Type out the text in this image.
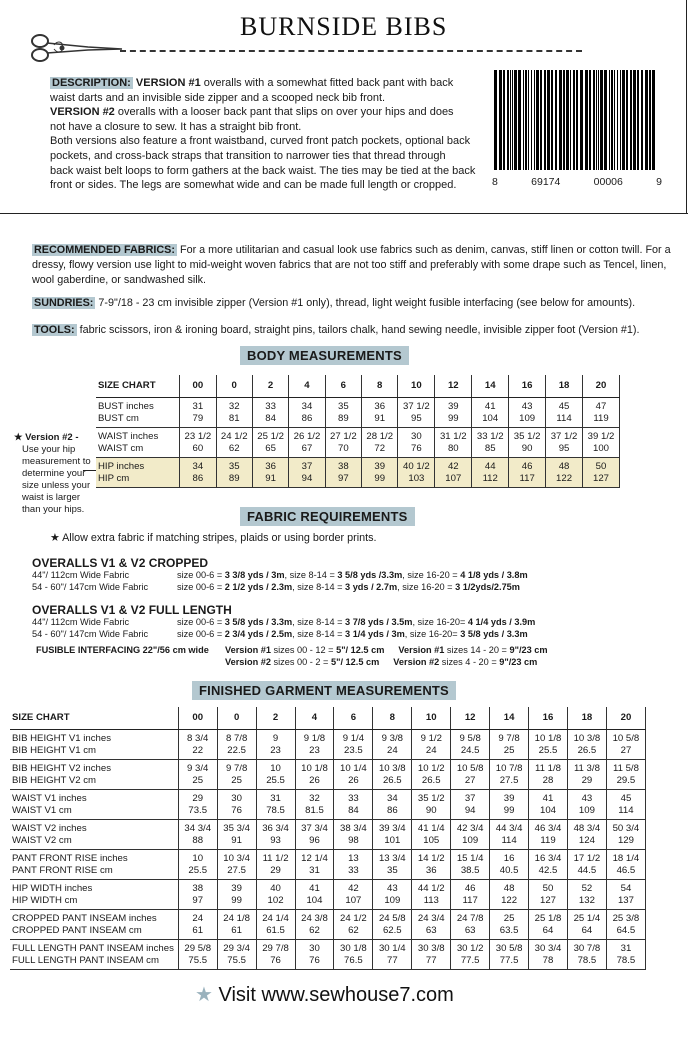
BURNSIDE BIBS
DESCRIPTION: VERSION #1 overalls with a somewhat fitted back pant with back
waist darts and an invisible side zipper and a scooped neck bib front.
VERSION #2 overalls with a looser back pant that slips on over your hips and does
not have a closure to sew. It has a straight bib front.
Both versions also feature a front waistband, curved front patch pockets, optional back
pockets, and cross-back straps that transition to narrower ties that thread through
back waist belt loops to form gathers at the back waist. The ties may be tied at the back
front or sides. The legs are somewhat wide and can be made full length or cropped.	8	69174	00006	9
RECOMMENDED FABRICS: For a more utilitarian and casual look use fabrics such as denim, canvas, stiff linen or cotton twill. For a dressy, flowy version use light to mid-weight woven fabrics that are not too stiff and preferably with some drape such as Tencel, linen, wool gaberdine, or sandwashed silk.
SUNDRIES: 7-9"/18 - 23 cm invisible zipper (Version #1 only), thread, light weight fusible interfacing (see below for amounts).
TOOLS: fabric scissors, iron & ironing board, straight pins, tailors chalk, hand sewing needle, invisible zipper foot (Version #1).
BODY MEASUREMENTS
SIZE CHART	00	0	2	4	6	8	10	12	14	16	18	20
BUST inches	31	32	33	34	35	36	37 1/2	39	41	43	45	47
BUST cm	79	81	84	86	89	91	95	99	104	109	114	119
WAIST inches	23 1/2	24 1/2	25 1/2	26 1/2	27 1/2	28 1/2	30	31 1/2	33 1/2	35 1/2	37 1/2	39 1/2
WAIST cm	60	62	65	67	70	72	76	80	85	90	95	100
HIP inches	34	35	36	37	38	39	40 1/2	42	44	46	48	50
HIP cm	86	89	91	94	97	99	103	107	112	117	122	127
★ Version #2 -
Use your hip measurement to determine your size unless your waist is larger than your hips.	FABRIC REQUIREMENTS
★ Allow extra fabric if matching stripes, plaids or using border prints.
OVERALLS V1 & V2 CROPPED
44"/ 112cm Wide Fabric	size 00-6 = 3 3/8 yds / 3m, size 8-14 = 3 5/8 yds /3.3m, size 16-20 = 4 1/8 yds / 3.8m
54 - 60"/ 147cm Wide Fabric	size 00-6 = 2 1/2 yds / 2.3m, size 8-14 = 3 yds / 2.7m, size 16-20 = 3 1/2yds/2.75m
OVERALLS V1 & V2 FULL LENGTH
44"/ 112cm Wide Fabric	size 00-6 = 3 5/8 yds / 3.3m, size 8-14 = 3 7/8 yds / 3.5m, size 16-20= 4 1/4 yds / 3.9m
54 - 60"/ 147cm Wide Fabric	size 00-6 = 2 3/4 yds / 2.5m, size 8-14 = 3 1/4 yds / 3m, size 16-20= 3 5/8 yds / 3.3m
FUSIBLE INTERFACING 22"/56 cm wide Version #1 sizes 00 - 12 = 5"/ 12.5 cm Version #1 sizes 14 - 20 = 9"/23 cm
Version #2 sizes 00 - 2 = 5"/ 12.5 cm Version #2 sizes 4 - 20 = 9"/23 cm
FINISHED GARMENT MEASUREMENTS
SIZE CHART	00	0	2	4	6	8	10	12	14	16	18	20
BIB HEIGHT V1 inches	8 3/4	8 7/8	9	9 1/8	9 1/4	9 3/8	9 1/2	9 5/8	9 7/8	10 1/8	10 3/8	10 5/8
BIB HEIGHT V1 cm	22	22.5	23	23	23.5	24	24	24.5	25	25.5	26.5	27
BIB HEIGHT V2 inches	9 3/4	9 7/8	10	10 1/8	10 1/4	10 3/8	10 1/2	10 5/8	10 7/8	11 1/8	11 3/8	11 5/8
BIB HEIGHT V2 cm	25	25	25.5	26	26	26.5	26.5	27	27.5	28	29	29.5
WAIST V1 inches	29	30	31	32	33	34	35 1/2	37	39	41	43	45
WAIST V1 cm	73.5	76	78.5	81.5	84	86	90	94	99	104	109	114
WAIST V2 inches	34 3/4	35 3/4	36 3/4	37 3/4	38 3/4	39 3/4	41 1/4	42 3/4	44 3/4	46 3/4	48 3/4	50 3/4
WAIST V2 cm	88	91	93	96	98	101	105	109	114	119	124	129
PANT FRONT RISE inches	10	10 3/4	11 1/2	12 1/4	13	13 3/4	14 1/2	15 1/4	16	16 3/4	17 1/2	18 1/4
PANT FRONT RISE cm	25.5	27.5	29	31	33	35	36	38.5	40.5	42.5	44.5	46.5
HIP WIDTH inches	38	39	40	41	42	43	44 1/2	46	48	50	52	54
HIP WIDTH cm	97	99	102	104	107	109	113	117	122	127	132	137
CROPPED PANT INSEAM inches	24	24 1/8	24 1/4	24 3/8	24 1/2	24 5/8	24 3/4	24 7/8	25	25 1/8	25 1/4	25 3/8
CROPPED PANT INSEAM cm	61	61	61.5	62	62	62.5	63	63	63.5	64	64	64.5
FULL LENGTH PANT INSEAM inches	29 5/8	29 3/4	29 7/8	30	30 1/8	30 1/4	30 3/8	30 1/2	30 5/8	30 3/4	30 7/8	31
FULL LENGTH PANT INSEAM cm	75.5	75.5	76	76	76.5	77	77	77.5	77.5	78	78.5	78.5
★ Visit www.sewhouse7.com
